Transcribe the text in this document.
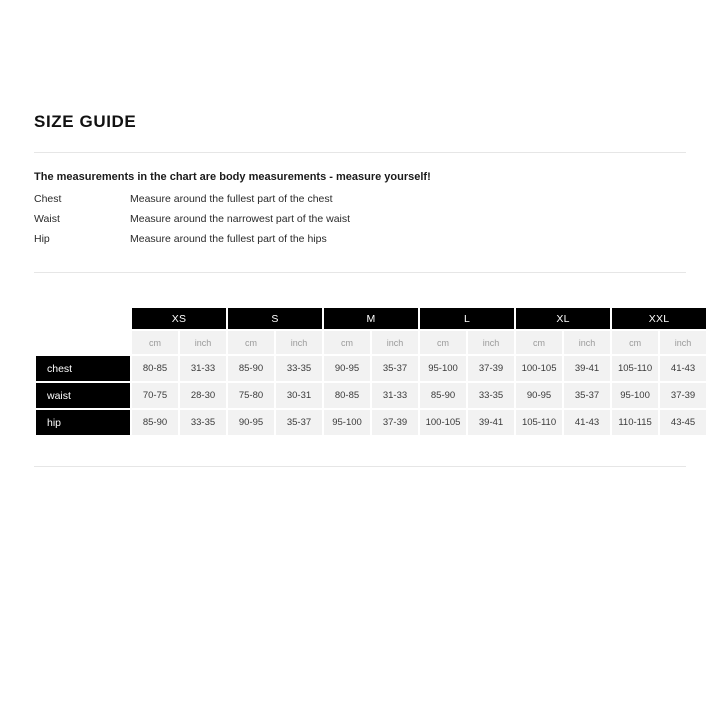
SIZE GUIDE
The measurements in the chart are body measurements - measure yourself!
Chest	Measure around the fullest part of the chest
Waist	Measure around the narrowest part of the waist
Hip	Measure around the fullest part of the hips
	XS		S		M		L		XL		XXL	
	cm	inch	cm	inch	cm	inch	cm	inch	cm	inch	cm	inch
chest	80-85	31-33	85-90	33-35	90-95	35-37	95-100	37-39	100-105	39-41	105-110	41-43
waist	70-75	28-30	75-80	30-31	80-85	31-33	85-90	33-35	90-95	35-37	95-100	37-39
hip	85-90	33-35	90-95	35-37	95-100	37-39	100-105	39-41	105-110	41-43	110-115	43-45
